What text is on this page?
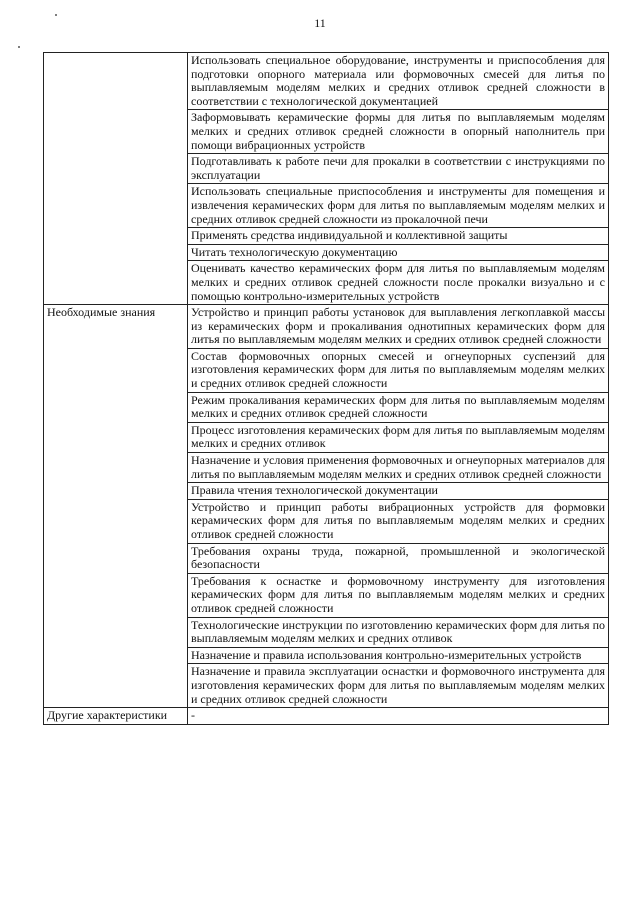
11
	Использовать специальное оборудование, инструменты и приспособления для подготовки опорного материала или формовочных смесей для литья по выплавляемым моделям мелких и средних отливок средней сложности в соответствии с технологической документацией
	Заформовывать керамические формы для литья по выплавляемым моделям мелких и средних отливок средней сложности в опорный наполнитель при помощи вибрационных устройств
	Подготавливать к работе печи для прокалки в соответствии с инструкциями по эксплуатации
	Использовать специальные приспособления и инструменты для помещения и извлечения керамических форм для литья по выплавляемым моделям мелких и средних отливок средней сложности из прокалочной печи
	Применять средства индивидуальной и коллективной защиты
	Читать технологическую документацию
	Оценивать качество керамических форм для литья по выплавляемым моделям мелких и средних отливок средней сложности после прокалки визуально и с помощью контрольно-измерительных устройств
Необходимые знания	Устройство и принцип работы установок для выплавления легкоплавкой массы из керамических форм и прокаливания однотипных керамических форм для литья по выплавляемым моделям мелких и средних отливок средней сложности
	Состав формовочных опорных смесей и огнеупорных суспензий для изготовления керамических форм для литья по выплавляемым моделям мелких и средних отливок средней сложности
	Режим прокаливания керамических форм для литья по выплавляемым моделям мелких и средних отливок средней сложности
	Процесс изготовления керамических форм для литья по выплавляемым моделям мелких и средних отливок
	Назначение и условия применения формовочных и огнеупорных материалов для литья по выплавляемым моделям мелких и средних отливок средней сложности
	Правила чтения технологической документации
	Устройство и принцип работы вибрационных устройств для формовки керамических форм для литья по выплавляемым моделям мелких и средних отливок средней сложности
	Требования охраны труда, пожарной, промышленной и экологической безопасности
	Требования к оснастке и формовочному инструменту для изготовления керамических форм для литья по выплавляемым моделям мелких и средних отливок средней сложности
	Технологические инструкции по изготовлению керамических форм для литья по выплавляемым моделям мелких и средних отливок
	Назначение и правила использования контрольно-измерительных устройств
	Назначение и правила эксплуатации оснастки и формовочного инструмента для изготовления керамических форм для литья по выплавляемым моделям мелких и средних отливок средней сложности
Другие характеристики	-
